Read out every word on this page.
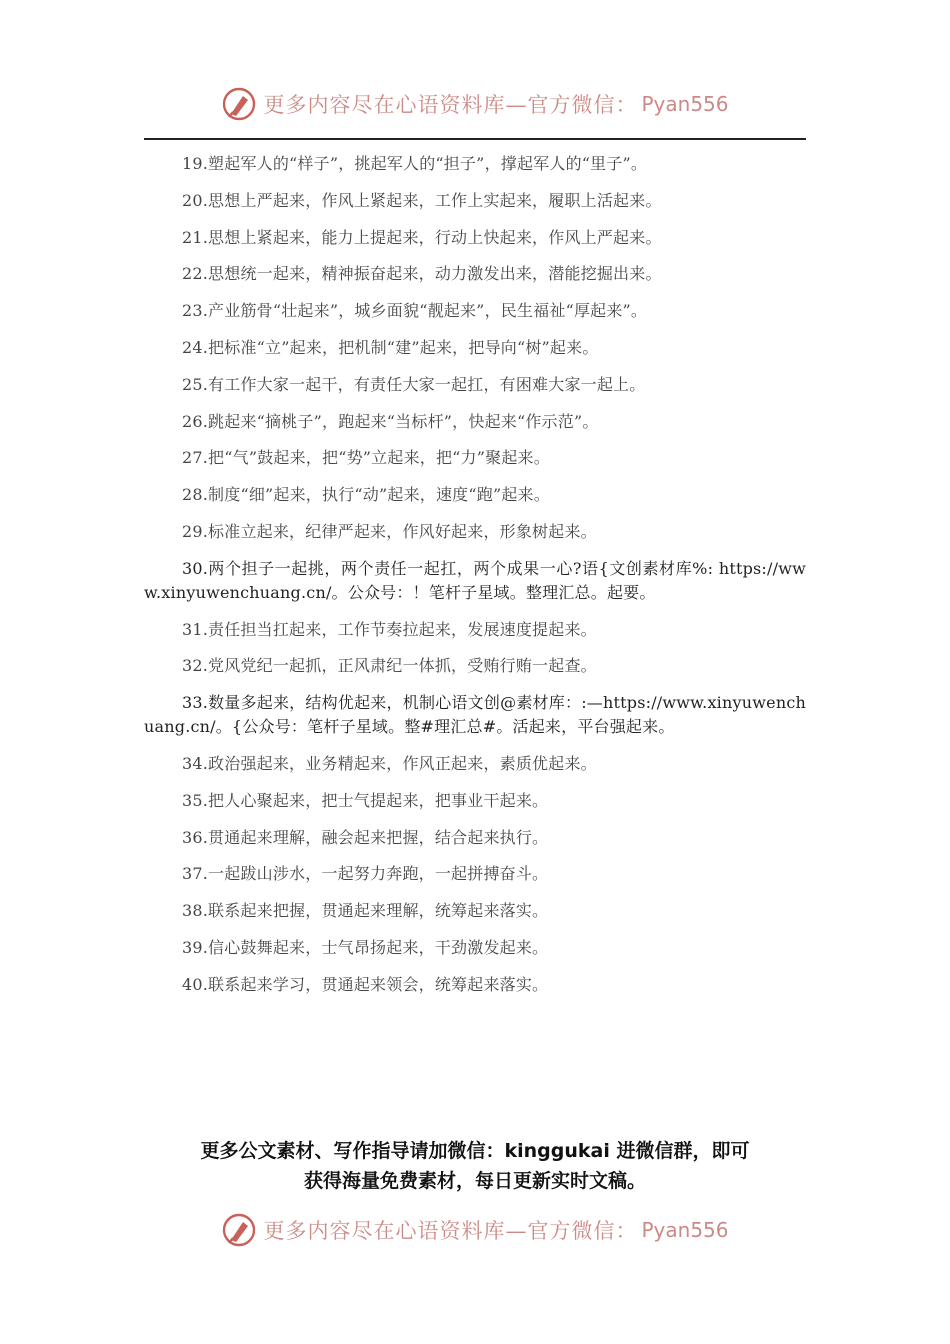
更多内容尽在心语资料库—官方微信： Pyan556
19.塑起军人的“样子”，挑起军人的“担子”，撑起军人的“里子”。
20.思想上严起来，作风上紧起来，工作上实起来，履职上活起来。
21.思想上紧起来，能力上提起来，行动上快起来，作风上严起来。
22.思想统一起来，精神振奋起来，动力激发出来，潜能挖掘出来。
23.产业筋骨“壮起来”，城乡面貌“靓起来”，民生福祉“厚起来”。
24.把标准“立”起来，把机制“建”起来，把导向“树”起来。
25.有工作大家一起干，有责任大家一起扛，有困难大家一起上。
26.跳起来“摘桃子”，跑起来“当标杆”，快起来“作示范”。
27.把“气”鼓起来，把“势”立起来，把“力”聚起来。
28.制度“细”起来，执行“动”起来，速度“跑”起来。
29.标准立起来，纪律严起来，作风好起来，形象树起来。
30.两个担子一起挑，两个责任一起扛，两个成果一心?语{文创素材库%: https://www.xinyuwenchuang.cn/。公众号：！笔杆子星域。整理汇总。起要。
31.责任担当扛起来，工作节奏拉起来，发展速度提起来。
32.党风党纪一起抓，正风肃纪一体抓，受贿行贿一起查。
33.数量多起来，结构优起来，机制心语文创@素材库：:—https://www.xinyuwenchuang.cn/。{公众号：笔杆子星域。整#理汇总#。活起来，平台强起来。
34.政治强起来，业务精起来，作风正起来，素质优起来。
35.把人心聚起来，把士气提起来，把事业干起来。
36.贯通起来理解，融会起来把握，结合起来执行。
37.一起跋山涉水，一起努力奔跑，一起拼搏奋斗。
38.联系起来把握，贯通起来理解，统筹起来落实。
39.信心鼓舞起来，士气昂扬起来，干劲激发起来。
40.联系起来学习，贯通起来领会，统筹起来落实。
更多公文素材、写作指导请加微信：kinggukai 进微信群，即可
获得海量免费素材，每日更新实时文稿。
更多内容尽在心语资料库—官方微信： Pyan556
